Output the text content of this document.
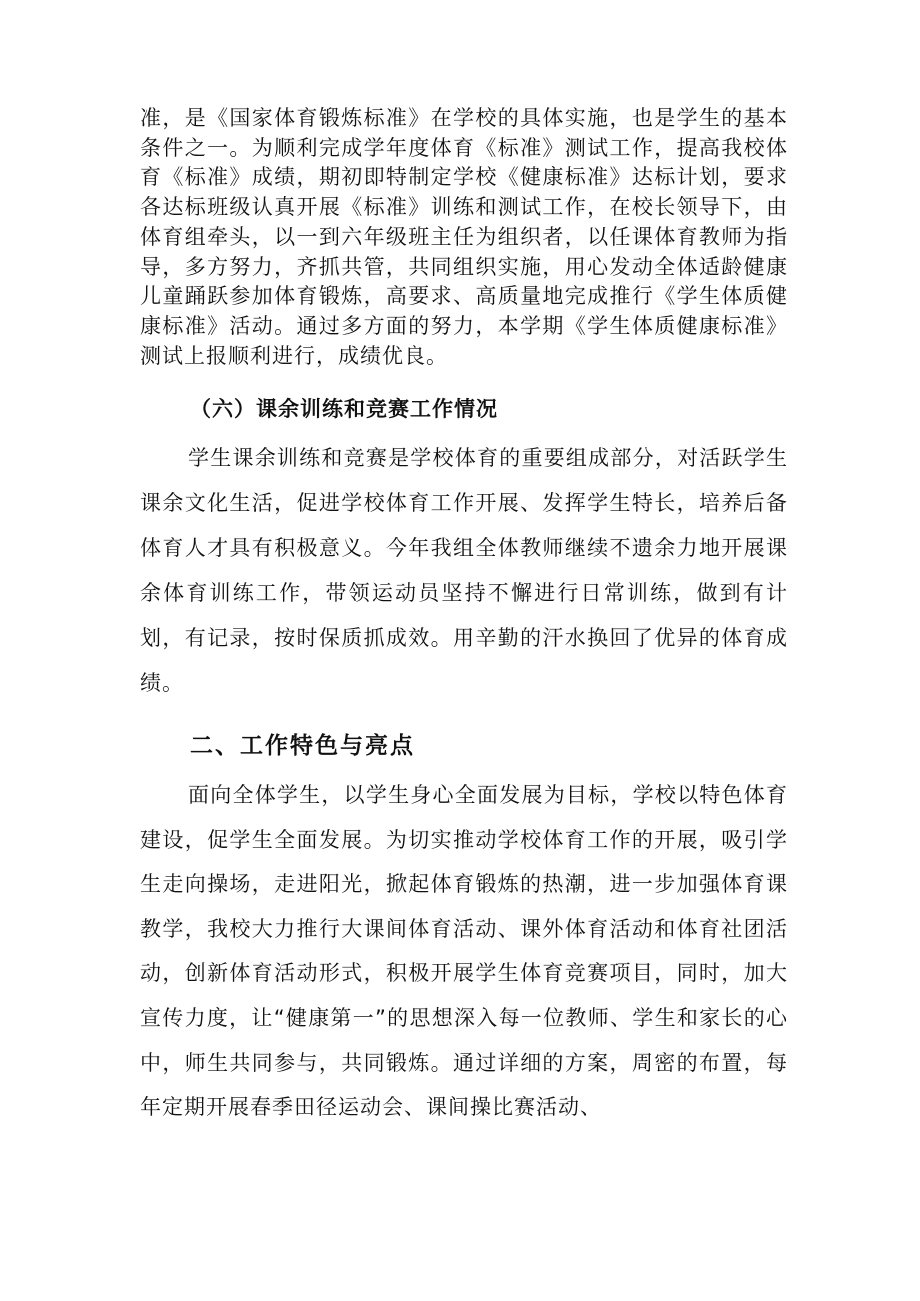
准，是《国家体育锻炼标准》在学校的具体实施，也是学生的基本条件之一。为顺利完成学年度体育《标准》测试工作，提高我校体育《标准》成绩，期初即特制定学校《健康标准》达标计划，要求各达标班级认真开展《标准》训练和测试工作，在校长领导下，由体育组牵头，以一到六年级班主任为组织者，以任课体育教师为指导，多方努力，齐抓共管，共同组织实施，用心发动全体适龄健康儿童踊跃参加体育锻炼，高要求、高质量地完成推行《学生体质健康标准》活动。通过多方面的努力，本学期《学生体质健康标准》测试上报顺利进行，成绩优良。

（六）课余训练和竞赛工作情况

学生课余训练和竞赛是学校体育的重要组成部分，对活跃学生课余文化生活，促进学校体育工作开展、发挥学生特长，培养后备体育人才具有积极意义。今年我组全体教师继续不遗余力地开展课余体育训练工作，带领运动员坚持不懈进行日常训练，做到有计划，有记录，按时保质抓成效。用辛勤的汗水换回了优异的体育成绩。

二、工作特色与亮点

面向全体学生，以学生身心全面发展为目标，学校以特色体育建设，促学生全面发展。为切实推动学校体育工作的开展，吸引学生走向操场，走进阳光，掀起体育锻炼的热潮，进一步加强体育课教学，我校大力推行大课间体育活动、课外体育活动和体育社团活动，创新体育活动形式，积极开展学生体育竞赛项目，同时，加大宣传力度，让“健康第一”的思想深入每一位教师、学生和家长的心中，师生共同参与，共同锻炼。通过详细的方案，周密的布置，每年定期开展春季田径运动会、课间操比赛活动、
